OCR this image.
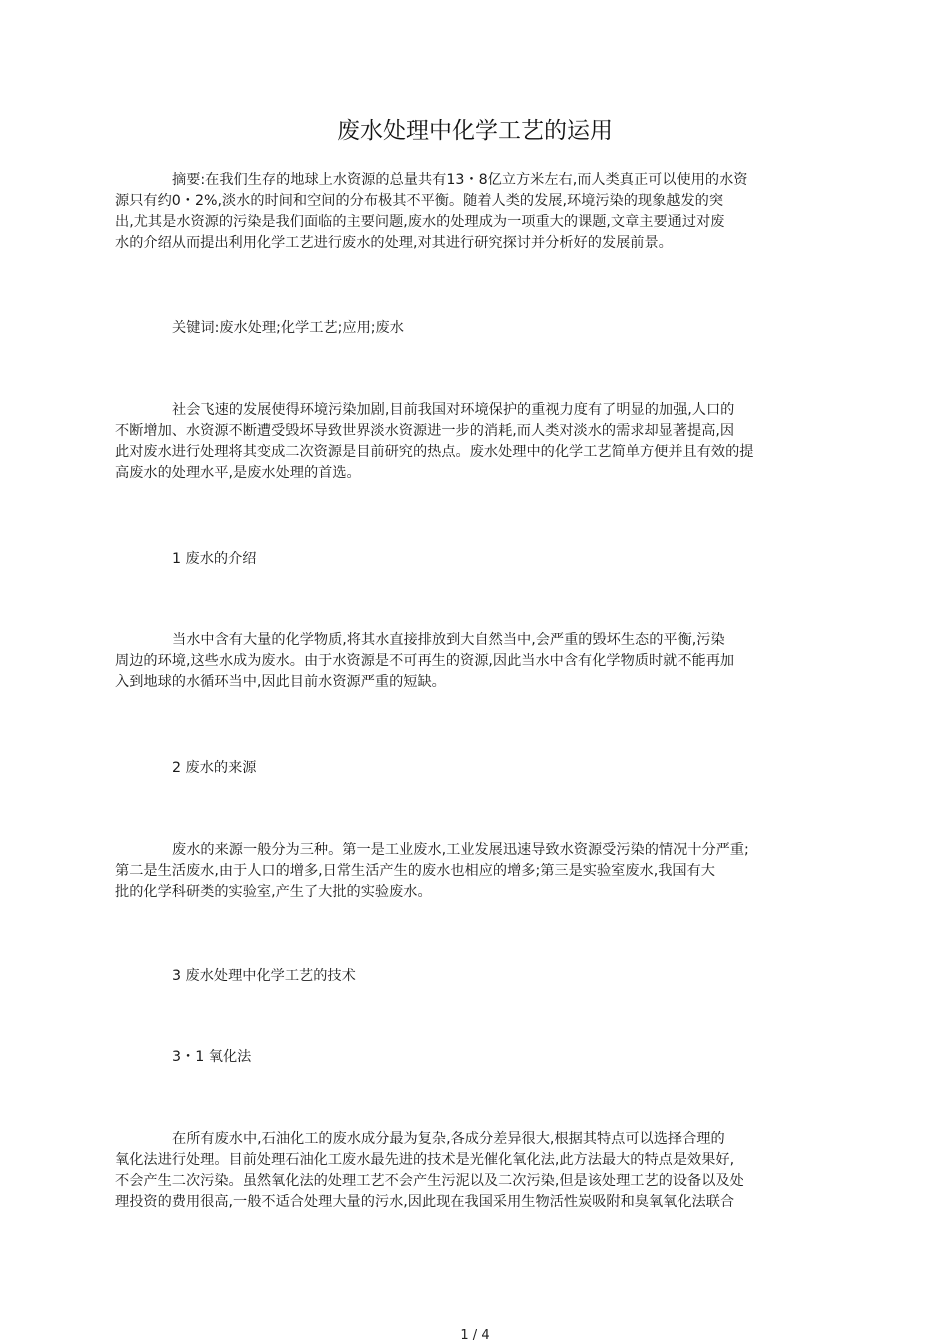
废水处理中化学工艺的运用
摘要:在我们生存的地球上水资源的总量共有13・8亿立方米左右,而人类真正可以使用的水资
源只有约0・2%,淡水的时间和空间的分布极其不平衡。随着人类的发展,环境污染的现象越发的突
出,尤其是水资源的污染是我们面临的主要问题,废水的处理成为一项重大的课题,文章主要通过对废
水的介绍从而提出利用化学工艺进行废水的处理,对其进行研究探讨并分析好的发展前景。
关键词:废水处理;化学工艺;应用;废水
社会飞速的发展使得环境污染加剧,目前我国对环境保护的重视力度有了明显的加强,人口的
不断增加、水资源不断遭受毁坏导致世界淡水资源进一步的消耗,而人类对淡水的需求却显著提高,因
此对废水进行处理将其变成二次资源是目前研究的热点。废水处理中的化学工艺简单方便并且有效的提
高废水的处理水平,是废水处理的首选。
1 废水的介绍
当水中含有大量的化学物质,将其水直接排放到大自然当中,会严重的毁坏生态的平衡,污染
周边的环境,这些水成为废水。由于水资源是不可再生的资源,因此当水中含有化学物质时就不能再加
入到地球的水循环当中,因此目前水资源严重的短缺。
2 废水的来源
废水的来源一般分为三种。第一是工业废水,工业发展迅速导致水资源受污染的情况十分严重;
第二是生活废水,由于人口的增多,日常生活产生的废水也相应的增多;第三是实验室废水,我国有大
批的化学科研类的实验室,产生了大批的实验废水。
3 废水处理中化学工艺的技术
3・1 氧化法
在所有废水中,石油化工的废水成分最为复杂,各成分差异很大,根据其特点可以选择合理的
氧化法进行处理。目前处理石油化工废水最先进的技术是光催化氧化法,此方法最大的特点是效果好,
不会产生二次污染。虽然氧化法的处理工艺不会产生污泥以及二次污染,但是该处理工艺的设备以及处
理投资的费用很高,一般不适合处理大量的污水,因此现在我国采用生物活性炭吸附和臭氧氧化法联合
1 / 4
